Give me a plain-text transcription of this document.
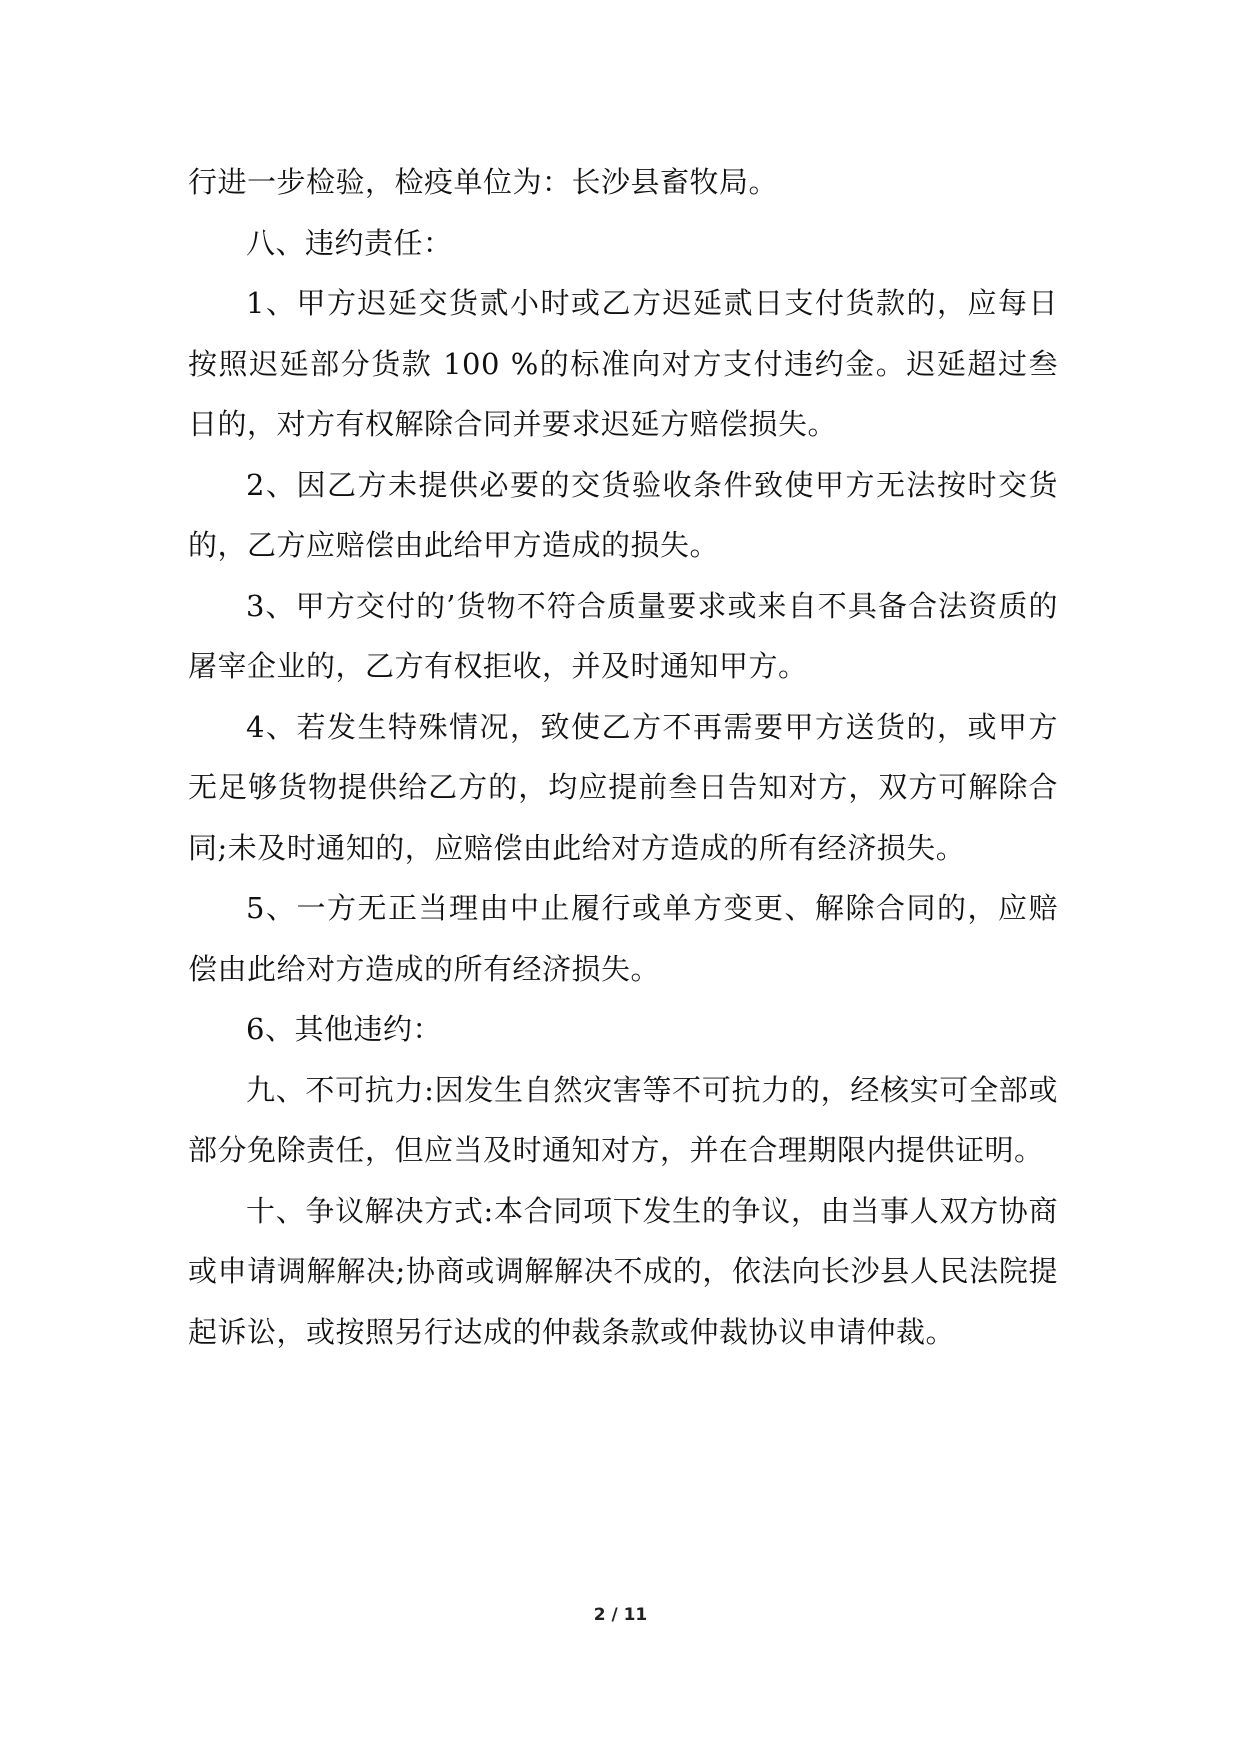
行进一步检验，检疫单位为：长沙县畜牧局。

八、违约责任：

1、甲方迟延交货贰小时或乙方迟延贰日支付货款的，应每日按照迟延部分货款 100 %的标准向对方支付违约金。迟延超过叁日的，对方有权解除合同并要求迟延方赔偿损失。

2、因乙方未提供必要的交货验收条件致使甲方无法按时交货的，乙方应赔偿由此给甲方造成的损失。

3、甲方交付的’货物不符合质量要求或来自不具备合法资质的屠宰企业的，乙方有权拒收，并及时通知甲方。

4、若发生特殊情况，致使乙方不再需要甲方送货的，或甲方无足够货物提供给乙方的，均应提前叁日告知对方，双方可解除合同;未及时通知的，应赔偿由此给对方造成的所有经济损失。

5、一方无正当理由中止履行或单方变更、解除合同的，应赔偿由此给对方造成的所有经济损失。

6、其他违约：

九、不可抗力:因发生自然灾害等不可抗力的，经核实可全部或部分免除责任，但应当及时通知对方，并在合理期限内提供证明。

十、争议解决方式:本合同项下发生的争议，由当事人双方协商或申请调解解决;协商或调解解决不成的，依法向长沙县人民法院提起诉讼，或按照另行达成的仲裁条款或仲裁协议申请仲裁。

2 / 11
